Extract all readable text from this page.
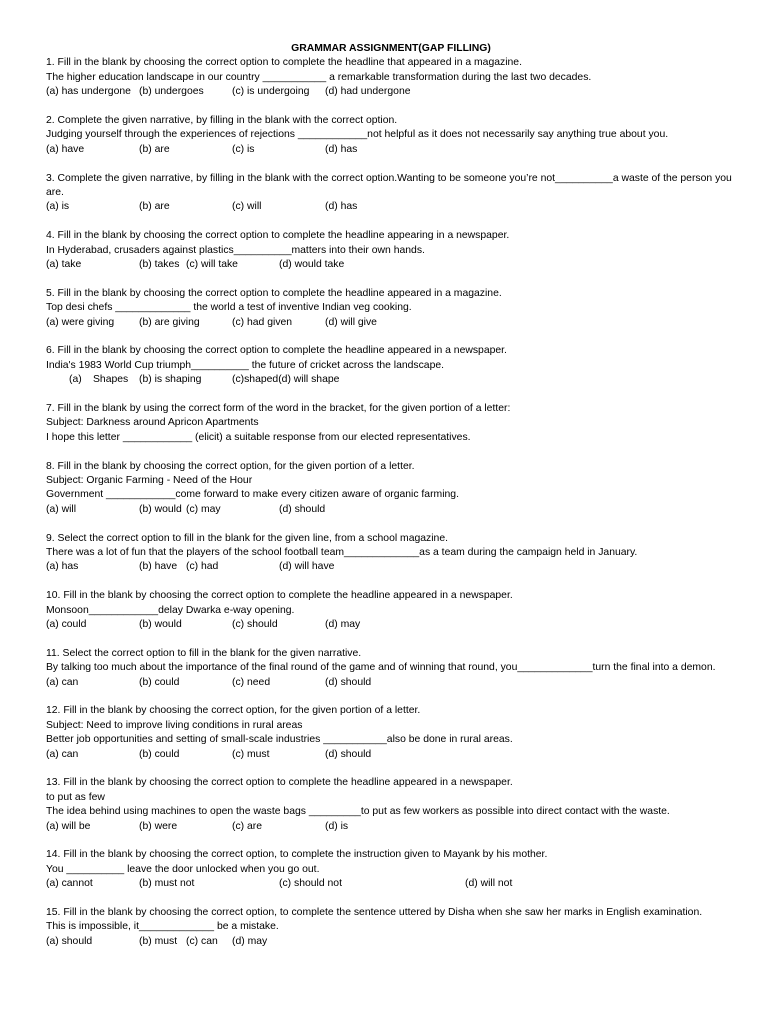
GRAMMAR ASSIGNMENT(GAP FILLING)
1. Fill in the blank by choosing the correct option to complete the headline that appeared in a magazine.
The higher education landscape in our country ___________ a remarkable transformation during the last two decades.
(a) has undergone (b) undergoes	(c) is undergoing (d) had undergone
2. Complete the given narrative, by filling in the blank with the correct option.
Judging yourself through the experiences of rejections ____________not helpful as it does not necessarily say anything true about you.
(a) have	(b) are	(c) is	(d) has
3. Complete the given narrative, by filling in the blank with the correct option.Wanting to be someone you’re not__________a waste of the person you are.
(a) is	(b) are	(c) will	(d) has
4. Fill in the blank by choosing the correct option to complete the headline appearing in a newspaper.
In Hyderabad, crusaders against plastics__________matters into their own hands.
(a) take	(b) takes (c) will take	(d) would take
5. Fill in the blank by choosing the correct option to complete the headline appeared in a magazine.
Top desi chefs _____________ the world a test of inventive Indian veg cooking.
(a) were giving (b) are giving	(c) had given	(d) will give
6. Fill in the blank by choosing the correct option to complete the headline appeared in a newspaper.
India's 1983 World Cup triumph__________ the future of cricket across the landscape.
(a) Shapes (b) is shaping	(c)shaped(d) will shape
7. Fill in the blank by using the correct form of the word in the bracket, for the given portion of a letter:
Subject: Darkness around Apricon Apartments
I hope this letter ____________ (elicit) a suitable response from our elected representatives.
8. Fill in the blank by choosing the correct option, for the given portion of a letter.
Subject: Organic Farming - Need of the Hour
Government ____________come forward to make every citizen aware of organic farming.
(a) will	(b) would (c) may	(d) should
9. Select the correct option to fill in the blank for the given line, from a school magazine.
There was a lot of fun that the players of the school football team_____________as a team during the campaign held in January.
(a) has	(b) have (c) had	(d) will have
10. Fill in the blank by choosing the correct option to complete the headline appeared in a newspaper.
Monsoon____________delay Dwarka e-way opening.
(a) could	(b) would	(c) should	(d) may
11. Select the correct option to fill in the blank for the given narrative.
By talking too much about the importance of the final round of the game and of winning that round, you_____________turn the final into a demon.
(a) can	(b) could	(c) need	(d) should
12. Fill in the blank by choosing the correct option, for the given portion of a letter.
Subject: Need to improve living conditions in rural areas
Better job opportunities and setting of small-scale industries ___________also be done in rural areas.
(a) can	(b) could	(c) must	(d) should
13. Fill in the blank by choosing the correct option to complete the headline appeared in a newspaper.
to put as few
The idea behind using machines to open the waste bags _________to put as few workers as possible into direct contact with the waste.
(a) will be	(b) were	(c) are	(d) is
14. Fill in the blank by choosing the correct option, to complete the instruction given to Mayank by his mother.
You __________ leave the door unlocked when you go out.
(a) cannot	(b) must not	(c) should not	(d) will not
15. Fill in the blank by choosing the correct option, to complete the sentence uttered by Disha when she saw her marks in English examination.
This is impossible, it_____________ be a mistake.
(a) should	(b) must (c) can (d) may
